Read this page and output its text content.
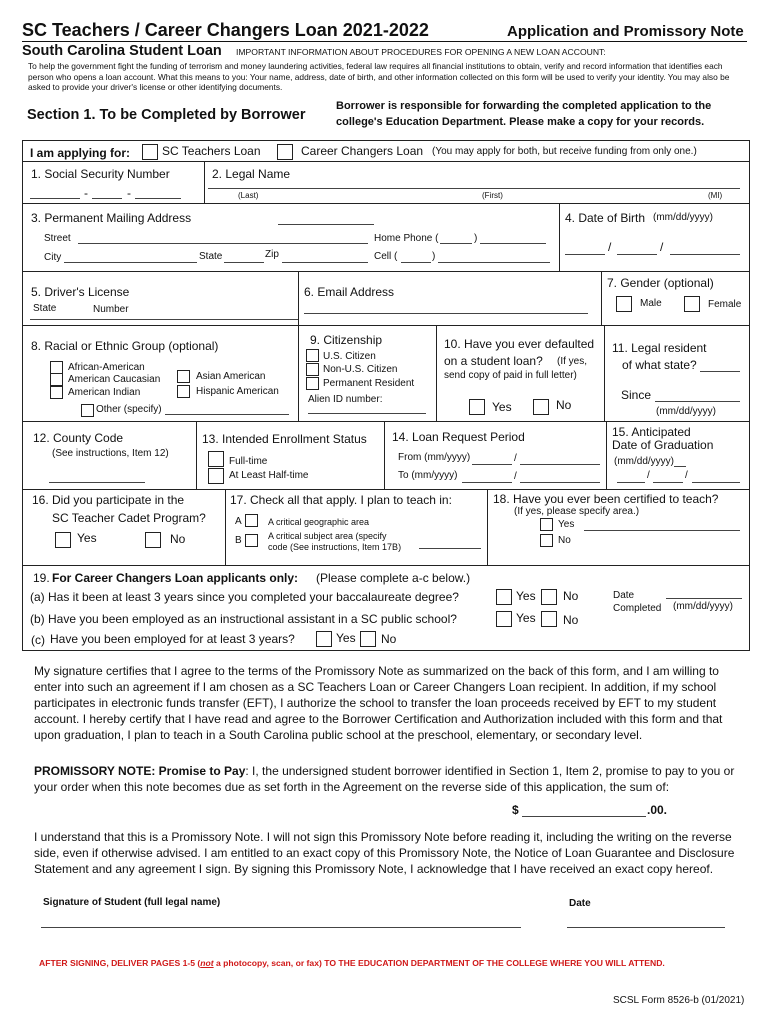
SC Teachers / Career Changers Loan 2021-2022	Application and Promissory Note
South Carolina Student Loan IMPORTANT INFORMATION ABOUT PROCEDURES FOR OPENING A NEW LOAN ACCOUNT:
To help the government fight the funding of terrorism and money laundering activities, federal law requires all financial institutions to obtain, verify and record information that identifies each person who opens a loan account. What this means to you: Your name, address, date of birth, and other information collected on this form will be used to verify your identity. You may also be asked to provide your driver's license or other identifying documents.
Section 1. To be Completed by Borrower
Borrower is responsible for forwarding the completed application to the
college's Education Department. Please make a copy for your records.
I am applying for:	SC Teachers Loan	Career Changers Loan (You may apply for both, but receive funding from only one.)
1. Social Security Number
-	-
2. Legal Name
(Last)	(First)	(MI)
3. Permanent Mailing Address
Street	Home Phone (	)
City	State	Zip	Cell (	)
4. Date of Birth (mm/dd/yyyy)
/	/
5. Driver's License
State	Number
6. Email Address
7. Gender (optional)
Male	Female
8. Racial or Ethnic Group (optional)
African-American
American Caucasian
American Indian
Asian American
Hispanic American
Other (specify)
9. Citizenship
U.S. Citizen
Non-U.S. Citizen
Permanent Resident
Alien ID number:
10. Have you ever defaulted
on a student loan? (If yes,
send copy of paid in full letter)
Yes	No
11. Legal resident
of what state?
Since
(mm/dd/yyyy)
12. County Code
(See instructions, Item 12)
13. Intended Enrollment Status
Full-time
At Least Half-time
14. Loan Request Period
From (mm/yyyy)	/
To (mm/yyyy)	/
15. Anticipated
Date of Graduation
(mm/dd/yyyy)
/	/
16. Did you participate in the
SC Teacher Cadet Program?
Yes	No
17. Check all that apply. I plan to teach in:
A	A critical geographic area
B	A critical subject area (specify
code (See instructions, Item 17B)
18. Have you ever been certified to teach?
(If yes, please specify area.)
Yes
No
19. For Career Changers Loan applicants only: (Please complete a-c below.)
(a) Has it been at least 3 years since you completed your baccalaureate degree?	Yes No
(b) Have you been employed as an instructional assistant in a SC public school?	Yes No
(c) Have you been employed for at least 3 years?	Yes No
Date
Completed (mm/dd/yyyy)
My signature certifies that I agree to the terms of the Promissory Note as summarized on the back of this form, and I am willing to enter into such an agreement if I am chosen as a SC Teachers Loan or Career Changers Loan recipient. In addition, if my school participates in electronic funds transfer (EFT), I authorize the school to transfer the loan proceeds received by EFT to my student account. I hereby certify that I have read and agree to the Borrower Certification and Authorization included with this form and that upon graduation, I plan to teach in a South Carolina public school at the preschool, elementary, or secondary level.
PROMISSORY NOTE: Promise to Pay: I, the undersigned student borrower identified in Section 1, Item 2, promise to pay to you or your order when this note becomes due as set forth in the Agreement on the reverse side of this application, the sum of:
$	.00.
I understand that this is a Promissory Note. I will not sign this Promissory Note before reading it, including the writing on the reverse side, even if otherwise advised. I am entitled to an exact copy of this Promissory Note, the Notice of Loan Guarantee and Disclosure Statement and any agreement I sign. By signing this Promissory Note, I acknowledge that I have received an exact copy hereof.
Signature of Student (full legal name)	Date
AFTER SIGNING, DELIVER PAGES 1-5 (not a photocopy, scan, or fax) TO THE EDUCATION DEPARTMENT OF THE COLLEGE WHERE YOU WILL ATTEND.
SCSL Form 8526-b (01/2021)
